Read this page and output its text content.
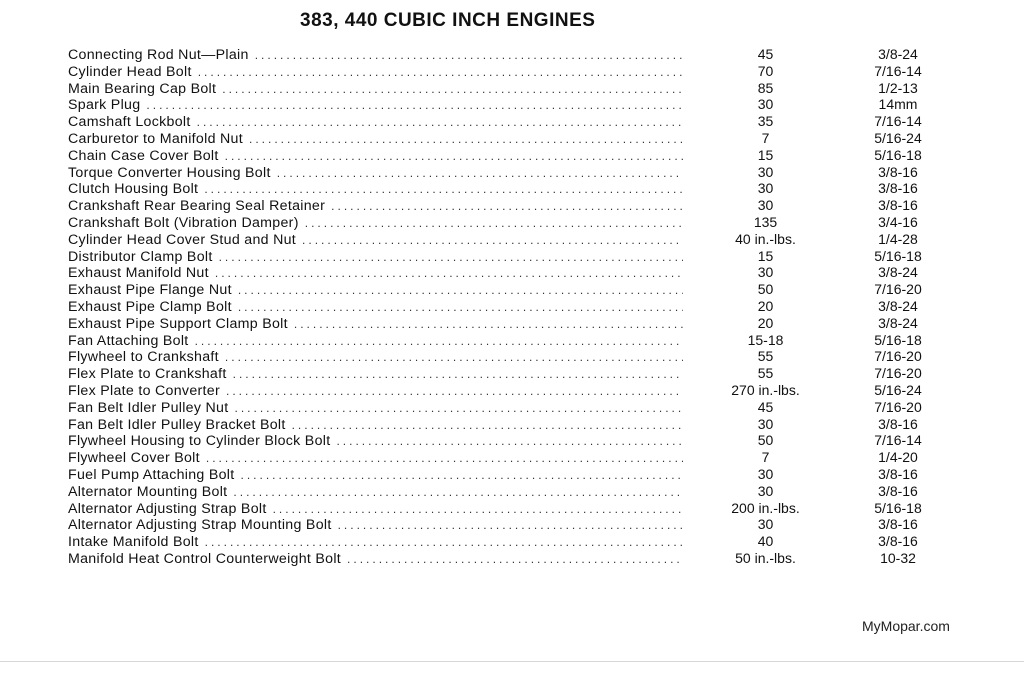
383, 440 CUBIC INCH ENGINES
Connecting Rod Nut—Plain .....	45	3/8-24
Cylinder Head Bolt .....	70	7/16-14
Main Bearing Cap Bolt .....	85	1/2-13
Spark Plug .....	30	14mm
Camshaft Lockbolt .....	35	7/16-14
Carburetor to Manifold Nut .....	7	5/16-24
Chain Case Cover Bolt .....	15	5/16-18
Torque Converter Housing Bolt .....	30	3/8-16
Clutch Housing Bolt .....	30	3/8-16
Crankshaft Rear Bearing Seal Retainer .....	30	3/8-16
Crankshaft Bolt (Vibration Damper) .....	135	3/4-16
Cylinder Head Cover Stud and Nut .....	40 in.-lbs.	1/4-28
Distributor Clamp Bolt .....	15	5/16-18
Exhaust Manifold Nut .....	30	3/8-24
Exhaust Pipe Flange Nut .....	50	7/16-20
Exhaust Pipe Clamp Bolt .....	20	3/8-24
Exhaust Pipe Support Clamp Bolt .....	20	3/8-24
Fan Attaching Bolt .....	15-18	5/16-18
Flywheel to Crankshaft .....	55	7/16-20
Flex Plate to Crankshaft .....	55	7/16-20
Flex Plate to Converter .....	270 in.-lbs.	5/16-24
Fan Belt Idler Pulley Nut .....	45	7/16-20
Fan Belt Idler Pulley Bracket Bolt .....	30	3/8-16
Flywheel Housing to Cylinder Block Bolt .....	50	7/16-14
Flywheel Cover Bolt .....	7	1/4-20
Fuel Pump Attaching Bolt .....	30	3/8-16
Alternator Mounting Bolt .....	30	3/8-16
Alternator Adjusting Strap Bolt .....	200 in.-lbs.	5/16-18
Alternator Adjusting Strap Mounting Bolt .....	30	3/8-16
Intake Manifold Bolt .....	40	3/8-16
Manifold Heat Control Counterweight Bolt .....	50 in.-lbs.	10-32
MyMopar.com
